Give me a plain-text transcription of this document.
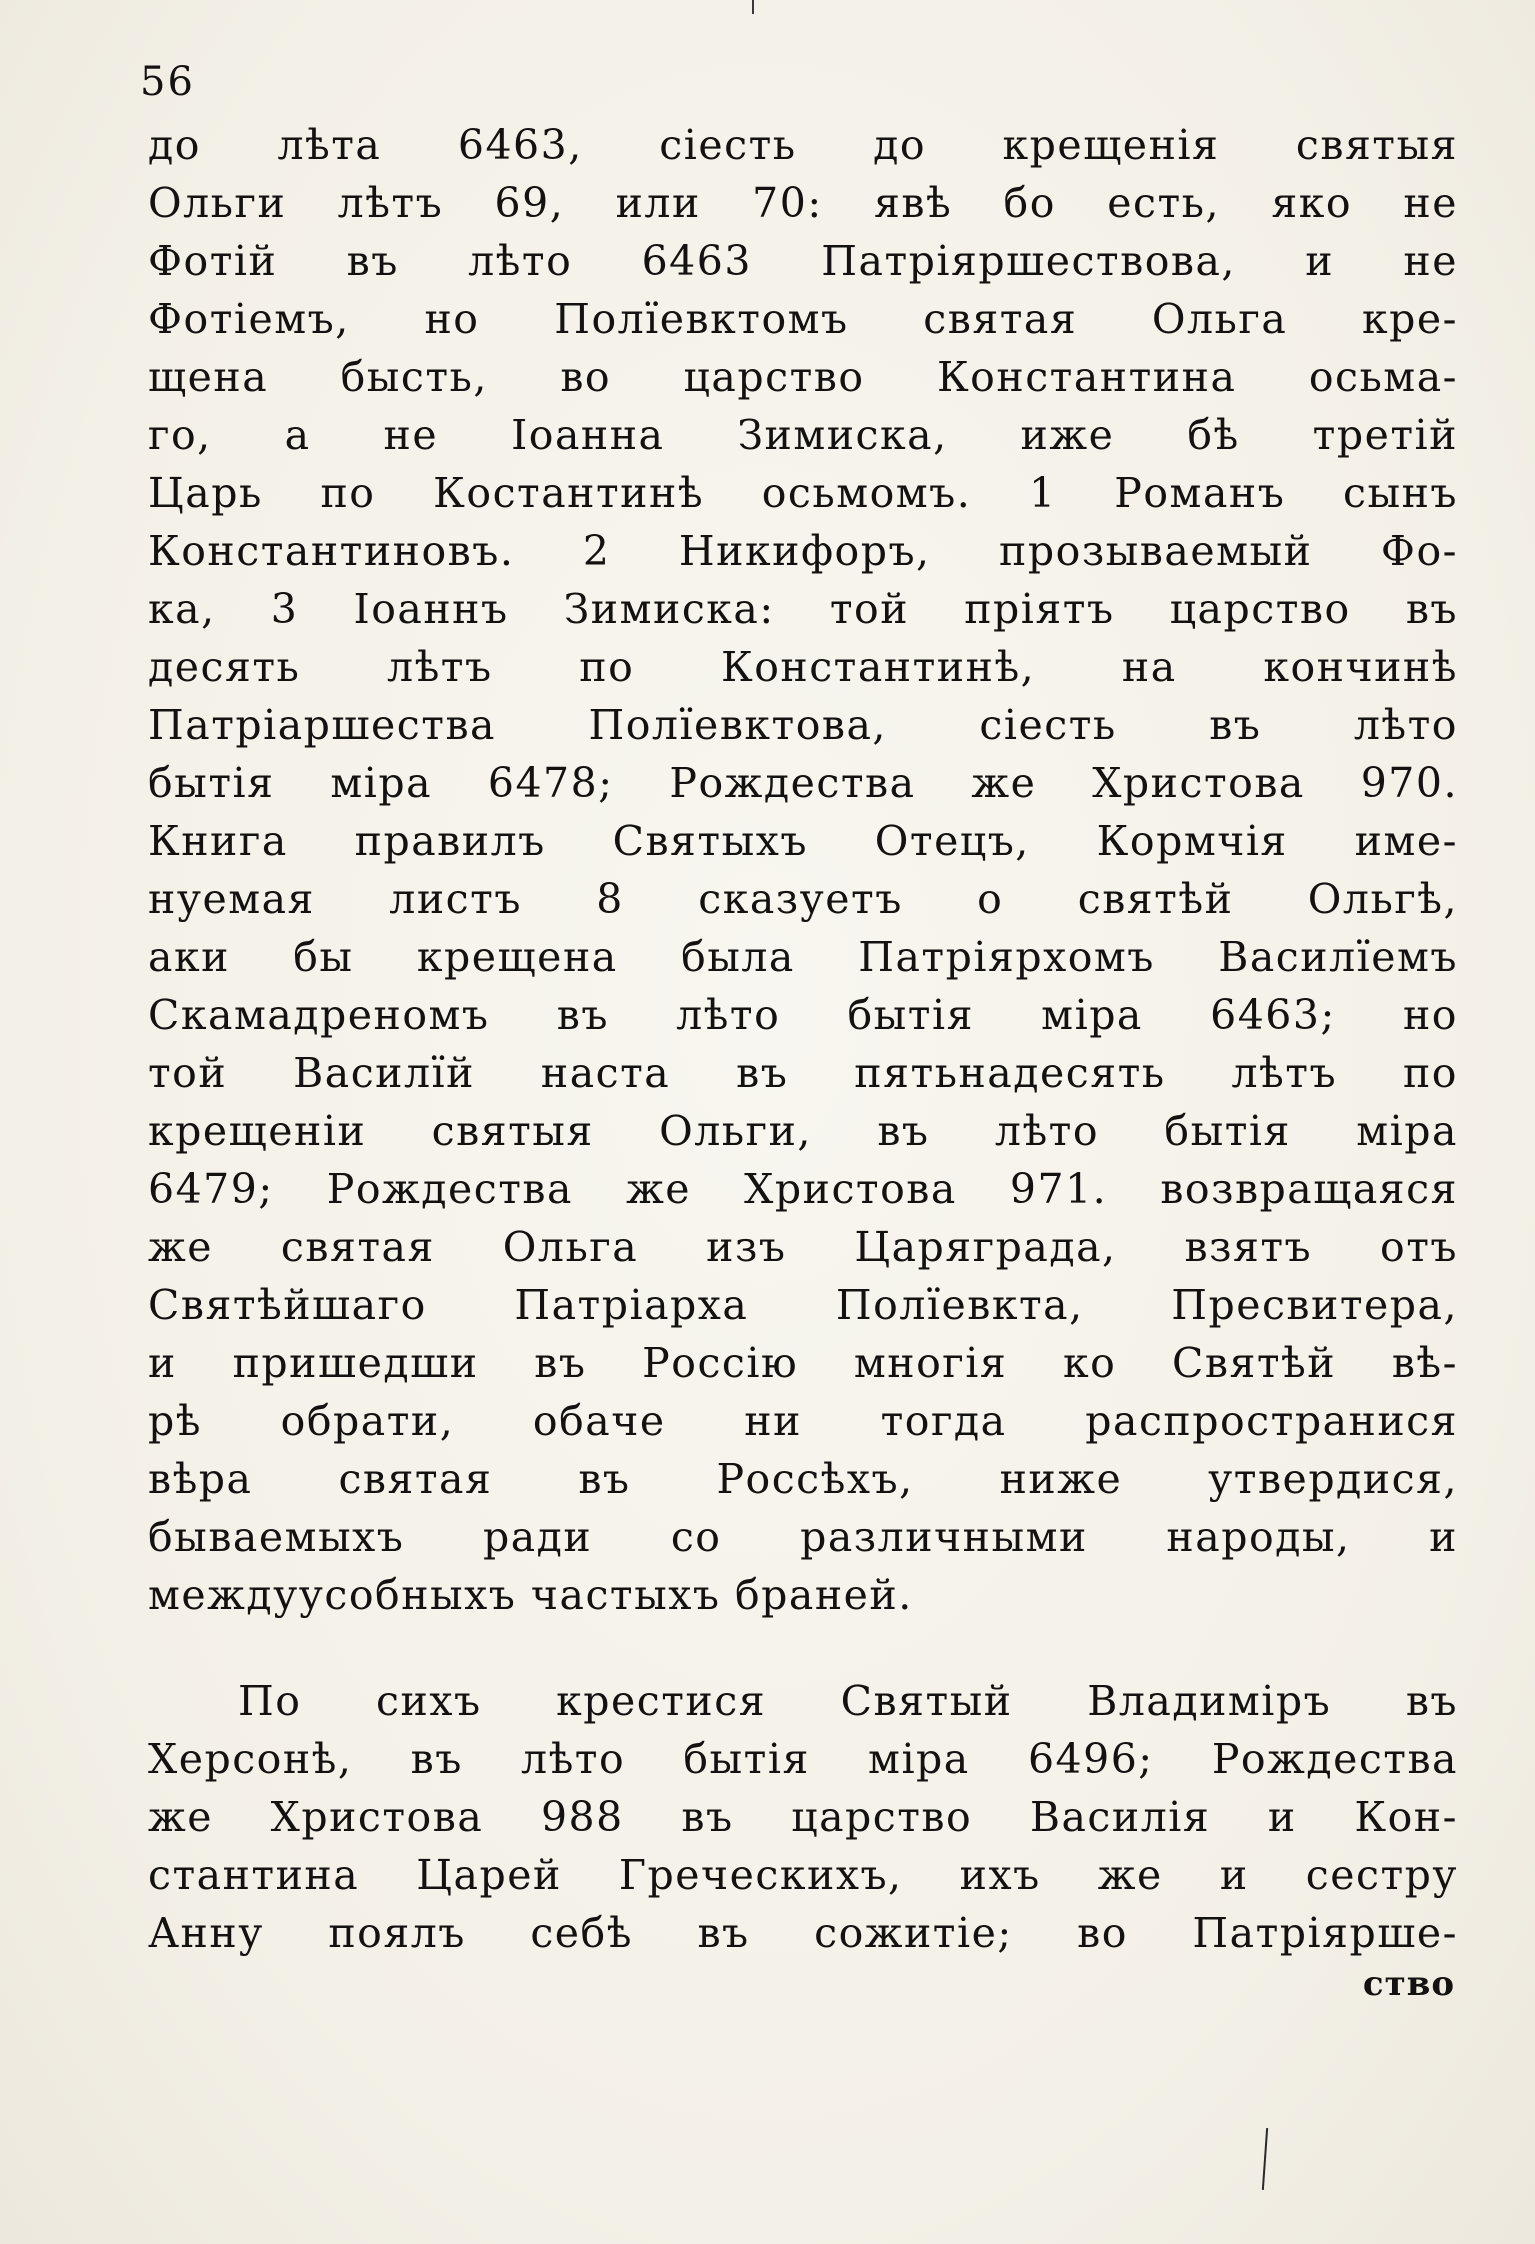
56
до лѣта 6463, сіесть до крещенія святыя
Ольги лѣтъ 69, или 70: явѣ бо есть, яко не
Фотій въ лѣто 6463 Патріяршествова, и не
Фотіемъ, но Полїевктомъ святая Ольга кре-
щена бысть, во царство Константина осьма-
го, а не Іоанна Зимиска, иже бѣ третій
Царь по Костантинѣ осьмомъ. 1 Романъ сынъ
Константиновъ. 2 Никифоръ, прозываемый Фо-
ка, 3 Іоаннъ Зимиска: той пріятъ царство въ
десять лѣтъ по Константинѣ, на кончинѣ
Патріаршества Полїевктова, сіесть въ лѣто
бытія міра 6478; Рождества же Христова 970.
Книга правилъ Святыхъ Отецъ, Кормчія име-
нуемая листъ 8 сказуетъ о святѣй Ольгѣ,
аки бы крещена была Патріярхомъ Василїемъ
Скамадреномъ въ лѣто бытія міра 6463; но
той Василїй наста въ пятьнадесять лѣтъ по
крещеніи святыя Ольги, въ лѣто бытія міра
6479; Рождества же Христова 971. возвращаяся
же святая Ольга изъ Царяграда, взятъ отъ
Святѣйшаго Патріарха Полїевкта, Пресвитера,
и пришедши въ Россію многія ко Святѣй вѣ-
рѣ обрати, обаче ни тогда распространися
вѣра святая въ Россѣхъ, ниже утвердися,
бываемыхъ ради со различными народы, и
междуусобныхъ частыхъ браней.
По сихъ крестися Святый Владиміръ въ
Херсонѣ, въ лѣто бытія міра 6496; Рождества
же Христова 988 въ царство Василія и Кон-
стантина Царей Греческихъ, ихъ же и сестру
Анну поялъ себѣ въ сожитіе; во Патріярше-
ство
